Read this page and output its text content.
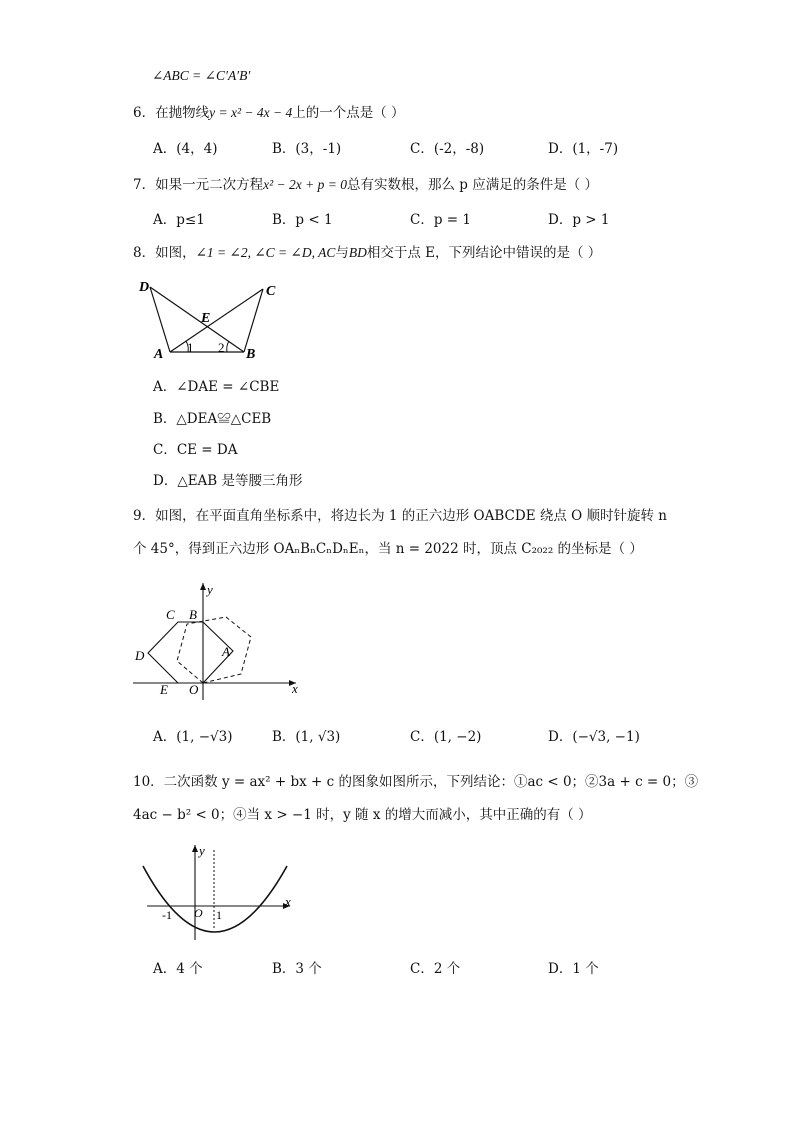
∠ABC = ∠C′A′B′
6．在抛物线y = x² − 4x − 4上的一个点是（ ）
A．(4，4)	B．(3，-1)	C．(-2，-8)	D．(1，-7)
7．如果一元二次方程x² − 2x + p = 0总有实数根，那么 p 应满足的条件是（ ）
A．p≤1	B．p < 1	C．p = 1	D．p > 1
8．如图，∠1 = ∠2, ∠C = ∠D, AC与BD相交于点 E，下列结论中错误的是（ ）
D	C
E
A	B
1 2
A．∠DAE = ∠CBE
B．△DEA≌△CEB
C．CE = DA
D．△EAB 是等腰三角形
9．如图，在平面直角坐标系中，将边长为 1 的正六边形 OABCDE 绕点 O 顺时针旋转 n
个 45°，得到正六边形 OAₙBₙCₙDₙEₙ，当 n = 2022 时，顶点 C₂₀₂₂ 的坐标是（ ）
y
C B
D	A
E O	x
A．(1, −√3)	B．(1, √3)	C．(1, −2)	D．(−√3, −1)
10．二次函数 y = ax² + bx + c 的图象如图所示，下列结论：①ac < 0；②3a + c = 0；③
4ac − b² < 0；④当 x > −1 时，y 随 x 的增大而减小，其中正确的有（ ）
y
x
-1 O 1
A．4 个	B．3 个	C．2 个	D．1 个
